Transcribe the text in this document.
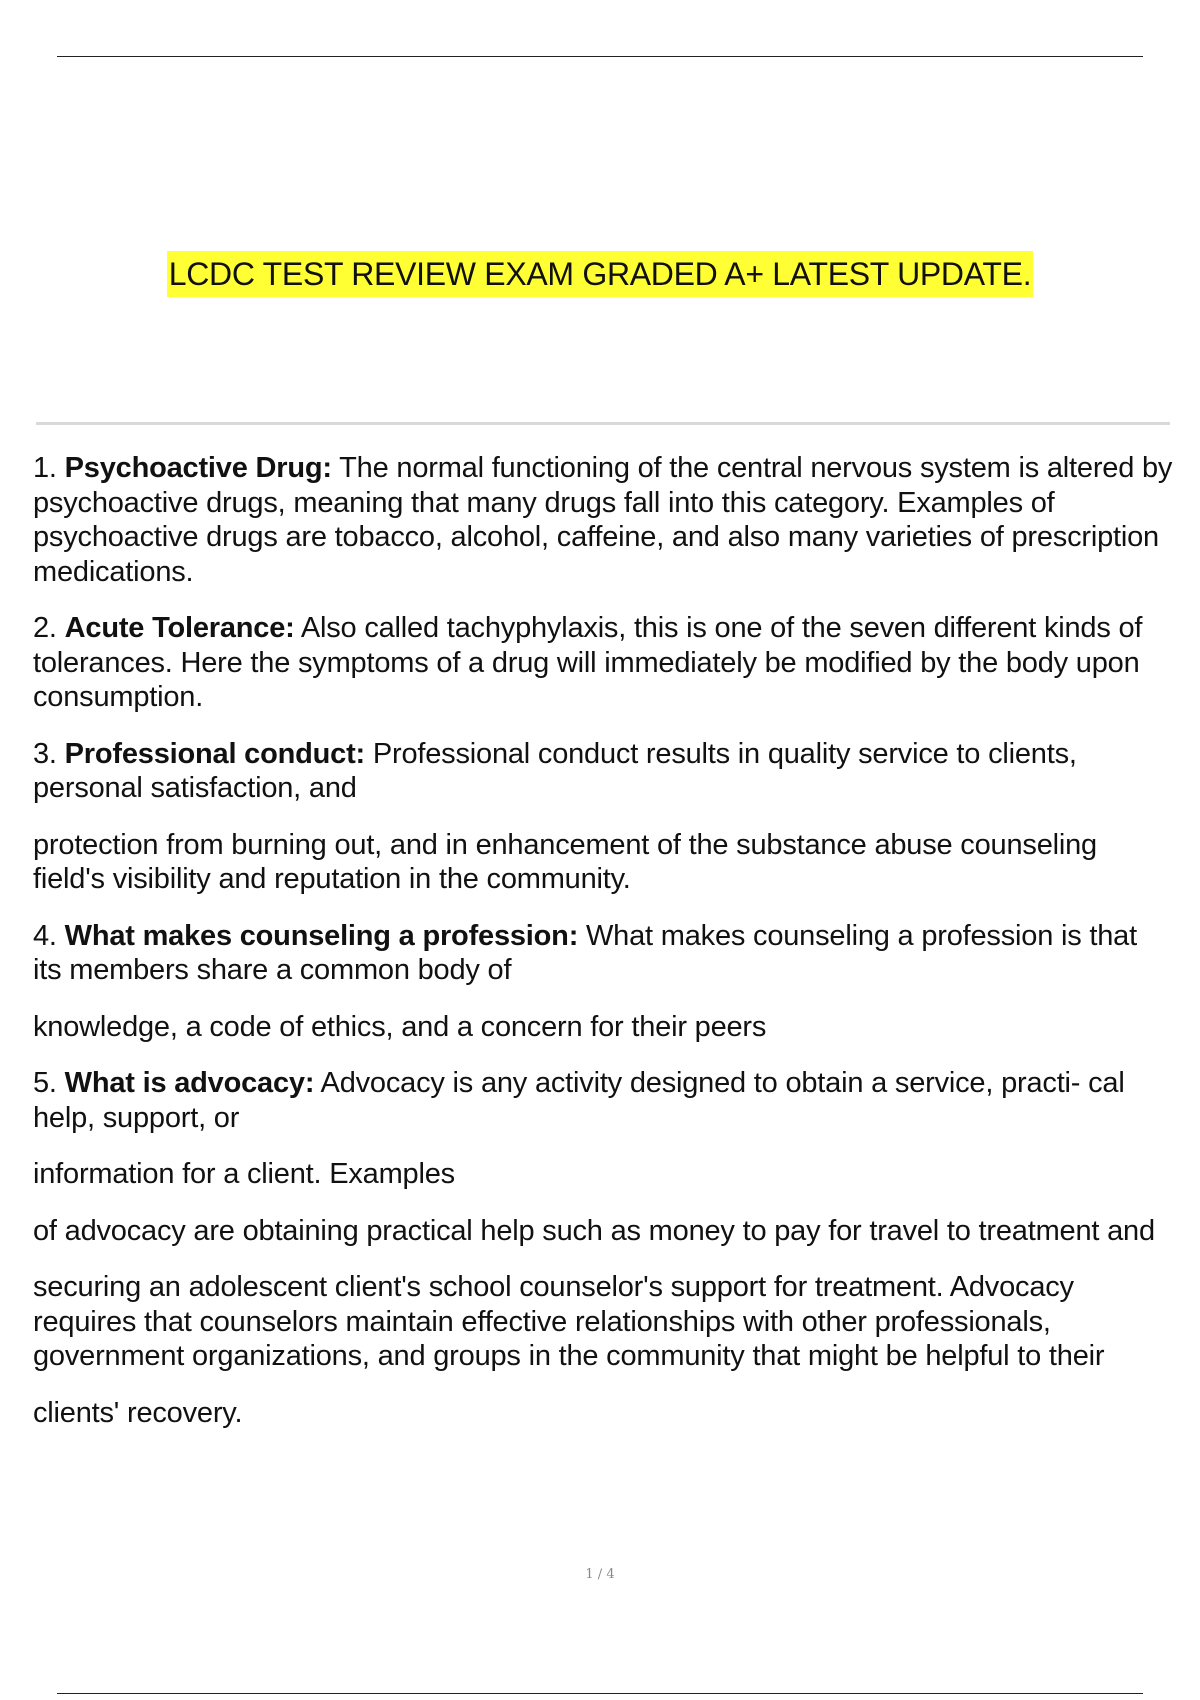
LCDC TEST REVIEW EXAM GRADED A+ LATEST UPDATE.

1. Psychoactive Drug: The normal functioning of the central nervous system is altered by psychoactive drugs, meaning that many drugs fall into this category. Examples of psychoactive drugs are tobacco, alcohol, caffeine, and also many varieties of prescription medications.

2. Acute Tolerance: Also called tachyphylaxis, this is one of the seven different kinds of tolerances. Here the symptoms of a drug will immediately be modified by the body upon consumption.

3. Professional conduct: Professional conduct results in quality service to clients, personal satisfaction, and

protection from burning out, and in enhancement of the substance abuse counseling field's visibility and reputation in the community.

4. What makes counseling a profession: What makes counseling a profession is that its members share a common body of

knowledge, a code of ethics, and a concern for their peers

5. What is advocacy: Advocacy is any activity designed to obtain a service, practi- cal help, support, or

information for a client. Examples

of advocacy are obtaining practical help such as money to pay for travel to treatment and

securing an adolescent client's school counselor's support for treatment. Advocacy requires that counselors maintain effective relationships with other professionals, government organizations, and groups in the community that might be helpful to their

clients' recovery.

1 / 4
